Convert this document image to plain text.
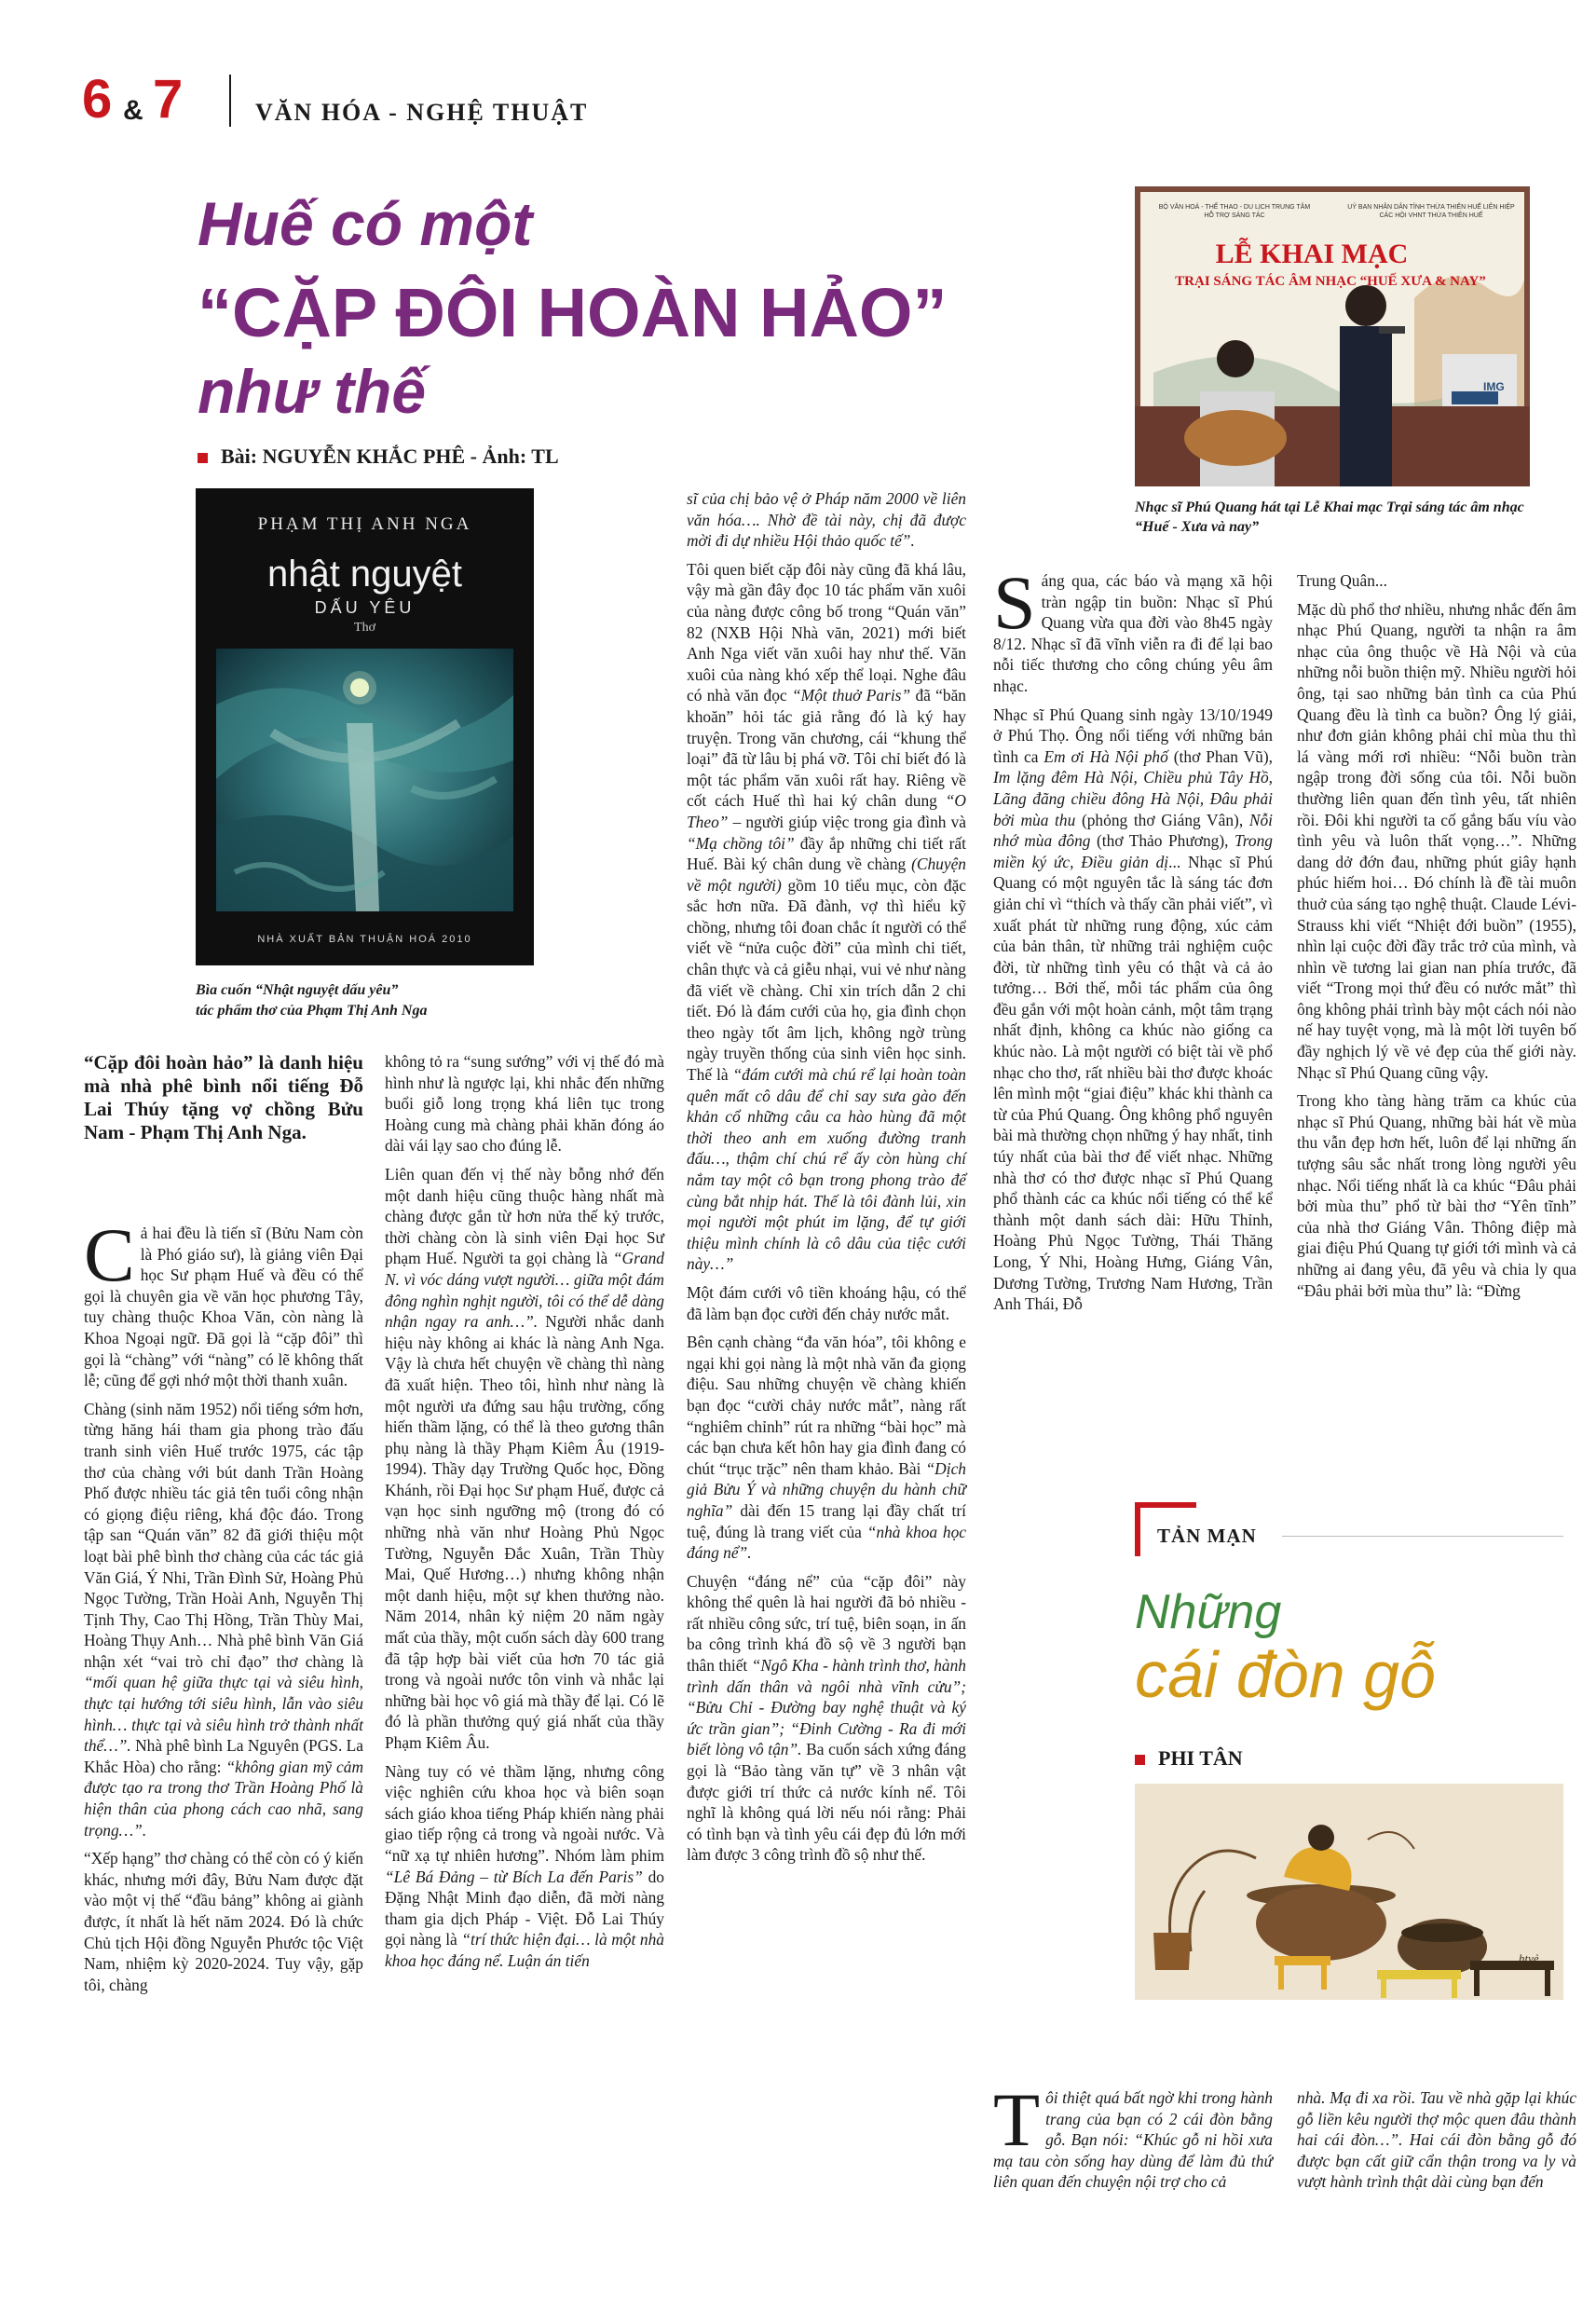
6 & 7	VĂN HÓA - NGHỆ THUẬT
Huế có một
“CẶP ĐÔI HOÀN HẢO”
như thế
Bài: NGUYỄN KHẮC PHÊ - Ảnh: TL
PHẠM THỊ ANH NGA
nhật nguyệt
DẤU YÊU
Thơ
NHÀ XUẤT BẢN THUẬN HOÁ 2010
Bìa cuốn “Nhật nguyệt dấu yêu”
tác phẩm thơ của Phạm Thị Anh Nga
“Cặp đôi hoàn hảo” là danh hiệu mà nhà phê bình nổi tiếng Đỗ Lai Thúy tặng vợ chồng Bửu Nam - Phạm Thị Anh Nga.

Cả hai đều là tiến sĩ (Bửu Nam còn là Phó giáo sư), là giảng viên Đại học Sư phạm Huế và đều có thể gọi là chuyên gia về văn học phương Tây, tuy chàng thuộc Khoa Văn, còn nàng là Khoa Ngoại ngữ. Đã gọi là “cặp đôi” thì gọi là “chàng” với “nàng” có lẽ không thất lễ; cũng để gợi nhớ một thời thanh xuân.

Chàng (sinh năm 1952) nổi tiếng sớm hơn, từng hăng hái tham gia phong trào đấu tranh sinh viên Huế trước 1975, các tập thơ của chàng với bút danh Trần Hoàng Phố được nhiều tác giả tên tuổi công nhận có giọng điệu riêng, khá độc đáo. Trong tập san “Quán văn” 82 đã giới thiệu một loạt bài phê bình thơ chàng của các tác giả Văn Giá, Ý Nhi, Trần Đình Sử, Hoàng Phủ Ngọc Tường, Trần Hoài Anh, Nguyễn Thị Tịnh Thy, Cao Thị Hồng, Trần Thùy Mai, Hoàng Thụy Anh… Nhà phê bình Văn Giá nhận xét “vai trò chỉ đạo” thơ chàng là “mối quan hệ giữa thực tại và siêu hình, thực tại hướng tới siêu hình, lẫn vào siêu hình… thực tại và siêu hình trở thành nhất thể…”. Nhà phê bình La Nguyên (PGS. La Khắc Hòa) cho rằng: “không gian mỹ cảm được tạo ra trong thơ Trần Hoàng Phố là hiện thân của phong cách cao nhã, sang trọng…”.

“Xếp hạng” thơ chàng có thể còn có ý kiến khác, nhưng mới đây, Bửu Nam được đặt vào một vị thế “đầu bảng” không ai giành được, ít nhất là hết năm 2024. Đó là chức Chủ tịch Hội đồng Nguyễn Phước tộc Việt Nam, nhiệm kỳ 2020-2024. Tuy vậy, gặp tôi, chàng

không tỏ ra “sung sướng” với vị thế đó mà hình như là ngược lại, khi nhắc đến những buổi giỗ long trọng khá liên tục trong Hoàng cung mà chàng phải khăn đóng áo dài vái lạy sao cho đúng lễ.

Liên quan đến vị thế này bỗng nhớ đến một danh hiệu cũng thuộc hàng nhất mà chàng được gắn từ hơn nửa thế kỷ trước, thời chàng còn là sinh viên Đại học Sư phạm Huế. Người ta gọi chàng là “Grand N. vì vóc dáng vượt người… giữa một đám đông nghìn nghịt người, tôi có thể dễ dàng nhận ngay ra anh…”. Người nhắc danh hiệu này không ai khác là nàng Anh Nga. Vậy là chưa hết chuyện về chàng thì nàng đã xuất hiện. Theo tôi, hình như nàng là một người ưa đứng sau hậu trường, cống hiến thầm lặng, có thể là theo gương thân phụ nàng là thầy Phạm Kiêm Âu (1919-1994). Thầy dạy Trường Quốc học, Đồng Khánh, rồi Đại học Sư phạm Huế, được cả vạn học sinh ngưỡng mộ (trong đó có những nhà văn như Hoàng Phủ Ngọc Tường, Nguyễn Đắc Xuân, Trần Thùy Mai, Quế Hương…) nhưng không nhận một danh hiệu, một sự khen thưởng nào. Năm 2014, nhân kỷ niệm 20 năm ngày mất của thầy, một cuốn sách dày 600 trang đã tập hợp bài viết của hơn 70 tác giả trong và ngoài nước tôn vinh và nhắc lại những bài học vô giá mà thầy để lại. Có lẽ đó là phần thưởng quý giá nhất của thầy Phạm Kiêm Âu.

Nàng tuy có vẻ thầm lặng, nhưng công việc nghiên cứu khoa học và biên soạn sách giáo khoa tiếng Pháp khiến nàng phải giao tiếp rộng cả trong và ngoài nước. Và “nữ xạ tự nhiên hương”. Nhóm làm phim “Lê Bá Đảng – từ Bích La đến Paris” do Đặng Nhật Minh đạo diễn, đã mời nàng tham gia dịch Pháp - Việt. Đỗ Lai Thúy gọi nàng là “trí thức hiện đại… là một nhà khoa học đáng nể. Luận án tiến

sĩ của chị bảo vệ ở Pháp năm 2000 về liên văn hóa…. Nhờ đề tài này, chị đã được mời đi dự nhiều Hội thảo quốc tế”.

Tôi quen biết cặp đôi này cũng đã khá lâu, vậy mà gần đây đọc 10 tác phẩm văn xuôi của nàng được công bố trong “Quán văn” 82 (NXB Hội Nhà văn, 2021) mới biết Anh Nga viết văn xuôi hay như thế. Văn xuôi của nàng khó xếp thể loại. Nghe đâu có nhà văn đọc “Một thuở Paris” đã “băn khoăn” hỏi tác giả rằng đó là ký hay truyện. Trong văn chương, cái “khung thể loại” đã từ lâu bị phá vỡ. Tôi chỉ biết đó là một tác phẩm văn xuôi rất hay. Riêng về cốt cách Huế thì hai ký chân dung “O Theo” – người giúp việc trong gia đình và “Mạ chồng tôi” đầy ắp những chi tiết rất Huế. Bài ký chân dung về chàng (Chuyện về một người) gồm 10 tiểu mục, còn đặc sắc hơn nữa. Đã đành, vợ thì hiểu kỹ chồng, nhưng tôi đoan chắc ít người có thể viết về “nửa cuộc đời” của mình chi tiết, chân thực và cả giễu nhại, vui vẻ như nàng đã viết về chàng. Chỉ xin trích dẫn 2 chi tiết. Đó là đám cưới của họ, gia đình chọn theo ngày tốt âm lịch, không ngờ trùng ngày truyền thống của sinh viên học sinh. Thế là “đám cưới mà chú rể lại hoàn toàn quên mất cô dâu để chỉ say sưa gào đến khản cổ những câu ca hào hùng đã một thời theo anh em xuống đường tranh đấu…, thậm chí chú rể ấy còn hùng chí nắm tay một cô bạn trong phong trào để cùng bắt nhịp hát. Thế là tôi đành lủi, xin mọi người một phút im lặng, để tự giới thiệu mình chính là cô dâu của tiệc cưới này…”

Một đám cưới vô tiền khoáng hậu, có thể đã làm bạn đọc cười đến chảy nước mắt.

Bên cạnh chàng “đa văn hóa”, tôi không e ngại khi gọi nàng là một nhà văn đa giọng điệu. Sau những chuyện về chàng khiến bạn đọc “cười chảy nước mắt”, nàng rất “nghiêm chỉnh” rút ra những “bài học” mà các bạn chưa kết hôn hay gia đình đang có chút “trục trặc” nên tham khảo. Bài “Dịch giả Bửu Ý và những chuyện du hành chữ nghĩa” dài đến 15 trang lại đầy chất trí tuệ, đúng là trang viết của “nhà khoa học đáng nể”.

Chuyện “đáng nể” của “cặp đôi” này không thể quên là hai người đã bỏ nhiều - rất nhiều công sức, trí tuệ, biên soạn, in ấn ba công trình khá đồ sộ về 3 người bạn thân thiết “Ngô Kha - hành trình thơ, hành trình dấn thân và ngôi nhà vĩnh cửu”; “Bửu Chỉ - Đường bay nghệ thuật và ký ức trần gian”; “Đinh Cường - Ra đi mới biết lòng vô tận”. Ba cuốn sách xứng đáng gọi là “Bảo tàng văn tự” về 3 nhân vật được giới trí thức cả nước kính nể. Tôi nghĩ là không quá lời nếu nói rằng: Phải có tình bạn và tình yêu cái đẹp đủ lớn mới làm được 3 công trình đồ sộ như thế.

BỘ VĂN HOÁ - THỂ THAO - DU LỊCH TRUNG TÂM HỖ TRỢ SÁNG TÁC
UỶ BAN NHÂN DÂN TỈNH THỪA THIÊN HUẾ LIÊN HIỆP CÁC HỘI VHNT THỪA THIÊN HUẾ
LỄ KHAI MẠC
TRẠI SÁNG TÁC ÂM NHẠC “HUẾ XƯA & NAY”
IMG
Nhạc sĩ Phú Quang hát tại Lễ Khai mạc Trại sáng tác âm nhạc “Huế - Xưa và nay”

Sáng qua, các báo và mạng xã hội tràn ngập tin buồn: Nhạc sĩ Phú Quang vừa qua đời vào 8h45 ngày 8/12. Nhạc sĩ đã vĩnh viễn ra đi để lại bao nỗi tiếc thương cho công chúng yêu âm nhạc.

Nhạc sĩ Phú Quang sinh ngày 13/10/1949 ở Phú Thọ. Ông nổi tiếng với những bản tình ca Em ơi Hà Nội phố (thơ Phan Vũ), Im lặng đêm Hà Nội, Chiều phủ Tây Hồ, Lãng đãng chiều đông Hà Nội, Đâu phải bởi mùa thu (phỏng thơ Giáng Vân), Nỗi nhớ mùa đông (thơ Thảo Phương), Trong miền ký ức, Điều giản dị... Nhạc sĩ Phú Quang có một nguyên tắc là sáng tác đơn giản chỉ vì “thích và thấy cần phải viết”, vì xuất phát từ những rung động, xúc cảm của bản thân, từ những trải nghiệm cuộc đời, từ những tình yêu có thật và cả ảo tưởng… Bởi thế, mỗi tác phẩm của ông đều gắn với một hoàn cảnh, một tâm trạng nhất định, không ca khúc nào giống ca khúc nào. Là một người có biệt tài về phổ nhạc cho thơ, rất nhiều bài thơ được khoác lên mình một “giai điệu” khác khi thành ca từ của Phú Quang. Ông không phổ nguyên bài mà thường chọn những ý hay nhất, tinh túy nhất của bài thơ để viết nhạc. Những nhà thơ có thơ được nhạc sĩ Phú Quang phổ thành các ca khúc nổi tiếng có thể kể thành một danh sách dài: Hữu Thỉnh, Hoàng Phủ Ngọc Tường, Thái Thăng Long, Ý Nhi, Hoàng Hưng, Giáng Vân, Dương Tường, Trương Nam Hương, Trần Anh Thái, Đỗ

Trung Quân...

Mặc dù phổ thơ nhiều, nhưng nhắc đến âm nhạc Phú Quang, người ta nhận ra âm nhạc của ông thuộc về Hà Nội và của những nỗi buồn thiện mỹ. Nhiều người hỏi ông, tại sao những bản tình ca của Phú Quang đều là tình ca buồn? Ông lý giải, như đơn giản không phải chỉ mùa thu thì lá vàng mới rơi nhiều: “Nỗi buồn tràn ngập trong đời sống của tôi. Nỗi buồn thường liên quan đến tình yêu, tất nhiên rồi. Đôi khi người ta cố gắng bấu víu vào tình yêu và luôn thất vọng…”. Những dang dở đớn đau, những phút giây hạnh phúc hiếm hoi… Đó chính là đề tài muôn thuở của sáng tạo nghệ thuật. Claude Lévi-Strauss khi viết “Nhiệt đới buồn” (1955), nhìn lại cuộc đời đầy trắc trở của mình, và nhìn về tương lai gian nan phía trước, đã viết “Trong mọi thứ đều có nước mắt” thì ông không phải trình bày một cách nói nào nế hay tuyệt vọng, mà là một lời tuyên bố đầy nghịch lý về vẻ đẹp của thế giới này. Nhạc sĩ Phú Quang cũng vậy.

Trong kho tàng hàng trăm ca khúc của nhạc sĩ Phú Quang, những bài hát về mùa thu vẫn đẹp hơn hết, luôn để lại những ấn tượng sâu sắc nhất trong lòng người yêu nhạc. Nổi tiếng nhất là ca khúc “Đâu phải bởi mùa thu” phổ từ bài thơ “Yên tĩnh” của nhà thơ Giáng Vân. Thông điệp mà giai điệu Phú Quang tự giới tới mình và cả những ai đang yêu, đã yêu và chia ly qua “Đâu phải bởi mùa thu” là: “Đừng

TẢN MẠN
Những
cái đòn gỗ
PHI TÂN
htvẻ

Tôi thiệt quá bất ngờ khi trong hành trang của bạn có 2 cái đòn bằng gỗ. Bạn nói: “Khúc gỗ ni hồi xưa mạ tau còn sống hay dùng để làm đủ thứ liên quan đến chuyện nội trợ cho cả

nhà. Mạ đi xa rồi. Tau về nhà gặp lại khúc gỗ liền kêu người thợ mộc quen đâu thành hai cái đòn…”. Hai cái đòn bằng gỗ đó được bạn cất giữ cẩn thận trong va ly và vượt hành trình thật dài cùng bạn đến
